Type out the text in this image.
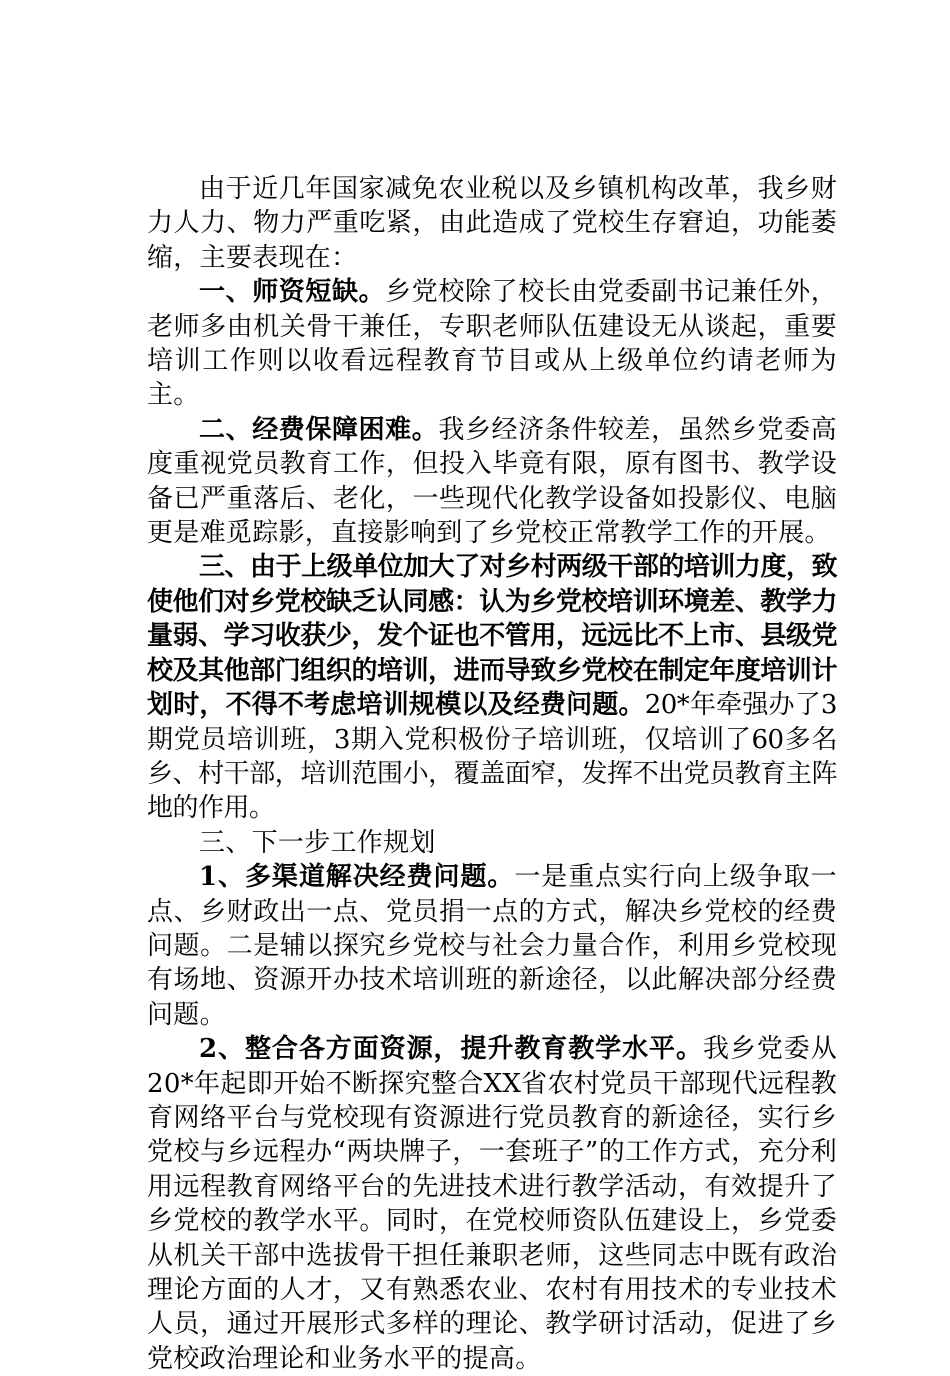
由于近几年国家减免农业税以及乡镇机构改革，我乡财力人力、物力严重吃紧，由此造成了党校生存窘迫，功能萎缩，主要表现在：

一、师资短缺。乡党校除了校长由党委副书记兼任外，老师多由机关骨干兼任，专职老师队伍建设无从谈起，重要培训工作则以收看远程教育节目或从上级单位约请老师为主。

二、经费保障困难。我乡经济条件较差，虽然乡党委高度重视党员教育工作，但投入毕竟有限，原有图书、教学设备已严重落后、老化，一些现代化教学设备如投影仪、电脑更是难觅踪影，直接影响到了乡党校正常教学工作的开展。

三、由于上级单位加大了对乡村两级干部的培训力度，致使他们对乡党校缺乏认同感：认为乡党校培训环境差、教学力量弱、学习收获少，发个证也不管用，远远比不上市、县级党校及其他部门组织的培训，进而导致乡党校在制定年度培训计划时，不得不考虑培训规模以及经费问题。20*年牵强办了3期党员培训班，3期入党积极份子培训班，仅培训了60多名乡、村干部，培训范围小，覆盖面窄，发挥不出党员教育主阵地的作用。

三、下一步工作规划

1、多渠道解决经费问题。一是重点实行向上级争取一点、乡财政出一点、党员捐一点的方式，解决乡党校的经费问题。二是辅以探究乡党校与社会力量合作，利用乡党校现有场地、资源开办技术培训班的新途径，以此解决部分经费问题。

2、整合各方面资源，提升教育教学水平。我乡党委从20*年起即开始不断探究整合XX省农村党员干部现代远程教育网络平台与党校现有资源进行党员教育的新途径，实行乡党校与乡远程办“两块牌子，一套班子”的工作方式，充分利用远程教育网络平台的先进技术进行教学活动，有效提升了乡党校的教学水平。同时，在党校师资队伍建设上，乡党委从机关干部中选拔骨干担任兼职老师，这些同志中既有政治理论方面的人才，又有熟悉农业、农村有用技术的专业技术人员，通过开展形式多样的理论、教学研讨活动，促进了乡党校政治理论和业务水平的提高。
